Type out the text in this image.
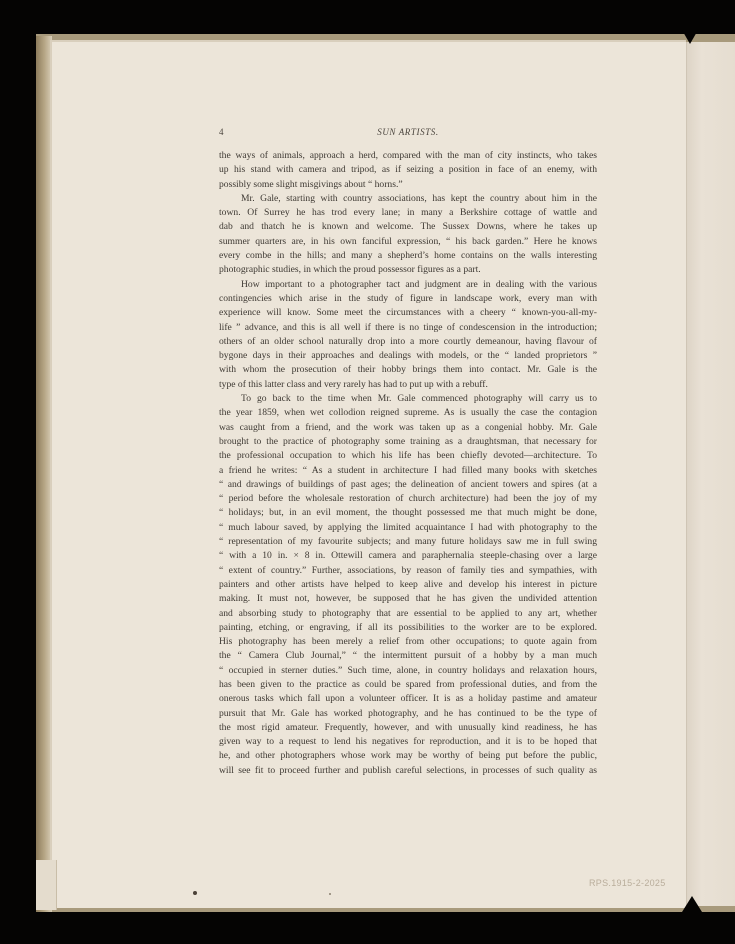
4	SUN ARTISTS.
the ways of animals, approach a herd, compared with the man of city instincts, who takes
up his stand with camera and tripod, as if seizing a position in face of an enemy, with
possibly some slight misgivings about “ horns.”
Mr. Gale, starting with country associations, has kept the country about him in the
town. Of Surrey he has trod every lane; in many a Berkshire cottage of wattle and
dab and thatch he is known and welcome. The Sussex Downs, where he takes up
summer quarters are, in his own fanciful expression, “ his back garden.” Here he knows
every combe in the hills; and many a shepherd’s home contains on the walls interesting
photographic studies, in which the proud possessor figures as a part.
How important to a photographer tact and judgment are in dealing with the various
contingencies which arise in the study of figure in landscape work, every man with
experience will know. Some meet the circumstances with a cheery “ known-you-all-my-
life ” advance, and this is all well if there is no tinge of condescension in the introduction;
others of an older school naturally drop into a more courtly demeanour, having flavour of
bygone days in their approaches and dealings with models, or the “ landed proprietors ”
with whom the prosecution of their hobby brings them into contact. Mr. Gale is the
type of this latter class and very rarely has had to put up with a rebuff.
To go back to the time when Mr. Gale commenced photography will carry us to
the year 1859, when wet collodion reigned supreme. As is usually the case the contagion
was caught from a friend, and the work was taken up as a congenial hobby. Mr. Gale
brought to the practice of photography some training as a draughtsman, that necessary for
the professional occupation to which his life has been chiefly devoted—architecture. To
a friend he writes: “ As a student in architecture I had filled many books with sketches
“ and drawings of buildings of past ages; the delineation of ancient towers and spires (at a
“ period before the wholesale restoration of church architecture) had been the joy of my
“ holidays; but, in an evil moment, the thought possessed me that much might be done,
“ much labour saved, by applying the limited acquaintance I had with photography to the
“ representation of my favourite subjects; and many future holidays saw me in full swing
“ with a 10 in. × 8 in. Ottewill camera and paraphernalia steeple-chasing over a large
“ extent of country.” Further, associations, by reason of family ties and sympathies, with
painters and other artists have helped to keep alive and develop his interest in picture
making. It must not, however, be supposed that he has given the undivided attention
and absorbing study to photography that are essential to be applied to any art, whether
painting, etching, or engraving, if all its possibilities to the worker are to be explored.
His photography has been merely a relief from other occupations; to quote again from
the “ Camera Club Journal,” “ the intermittent pursuit of a hobby by a man much
“ occupied in sterner duties.” Such time, alone, in country holidays and relaxation hours,
has been given to the practice as could be spared from professional duties, and from the
onerous tasks which fall upon a volunteer officer. It is as a holiday pastime and amateur
pursuit that Mr. Gale has worked photography, and he has continued to be the type of
the most rigid amateur. Frequently, however, and with unusually kind readiness, he has
given way to a request to lend his negatives for reproduction, and it is to be hoped that
he, and other photographers whose work may be worthy of being put before the public,
will see fit to proceed further and publish careful selections, in processes of such quality as
RPS.1915-2-2025
